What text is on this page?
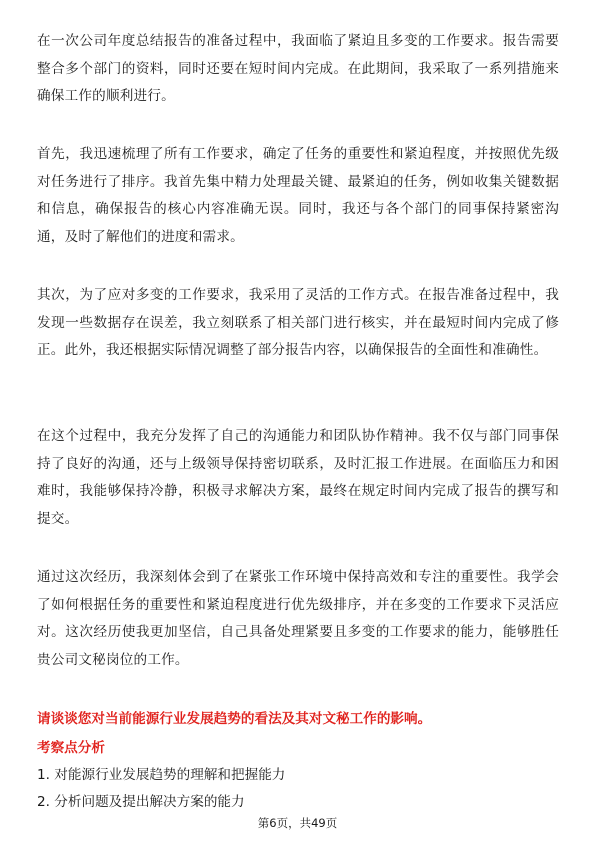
在一次公司年度总结报告的准备过程中，我面临了紧迫且多变的工作要求。报告需要整合多个部门的资料，同时还要在短时间内完成。在此期间，我采取了一系列措施来确保工作的顺利进行。

首先，我迅速梳理了所有工作要求，确定了任务的重要性和紧迫程度，并按照优先级对任务进行了排序。我首先集中精力处理最关键、最紧迫的任务，例如收集关键数据和信息，确保报告的核心内容准确无误。同时，我还与各个部门的同事保持紧密沟通，及时了解他们的进度和需求。

其次，为了应对多变的工作要求，我采用了灵活的工作方式。在报告准备过程中，我发现一些数据存在误差，我立刻联系了相关部门进行核实，并在最短时间内完成了修正。此外，我还根据实际情况调整了部分报告内容，以确保报告的全面性和准确性。

在这个过程中，我充分发挥了自己的沟通能力和团队协作精神。我不仅与部门同事保持了良好的沟通，还与上级领导保持密切联系，及时汇报工作进展。在面临压力和困难时，我能够保持冷静，积极寻求解决方案，最终在规定时间内完成了报告的撰写和提交。

通过这次经历，我深刻体会到了在紧张工作环境中保持高效和专注的重要性。我学会了如何根据任务的重要性和紧迫程度进行优先级排序，并在多变的工作要求下灵活应对。这次经历使我更加坚信，自己具备处理紧要且多变的工作要求的能力，能够胜任贵公司文秘岗位的工作。

请谈谈您对当前能源行业发展趋势的看法及其对文秘工作的影响。

考察点分析

1. 对能源行业发展趋势的理解和把握能力

2. 分析问题及提出解决方案的能力

第6页，共49页
